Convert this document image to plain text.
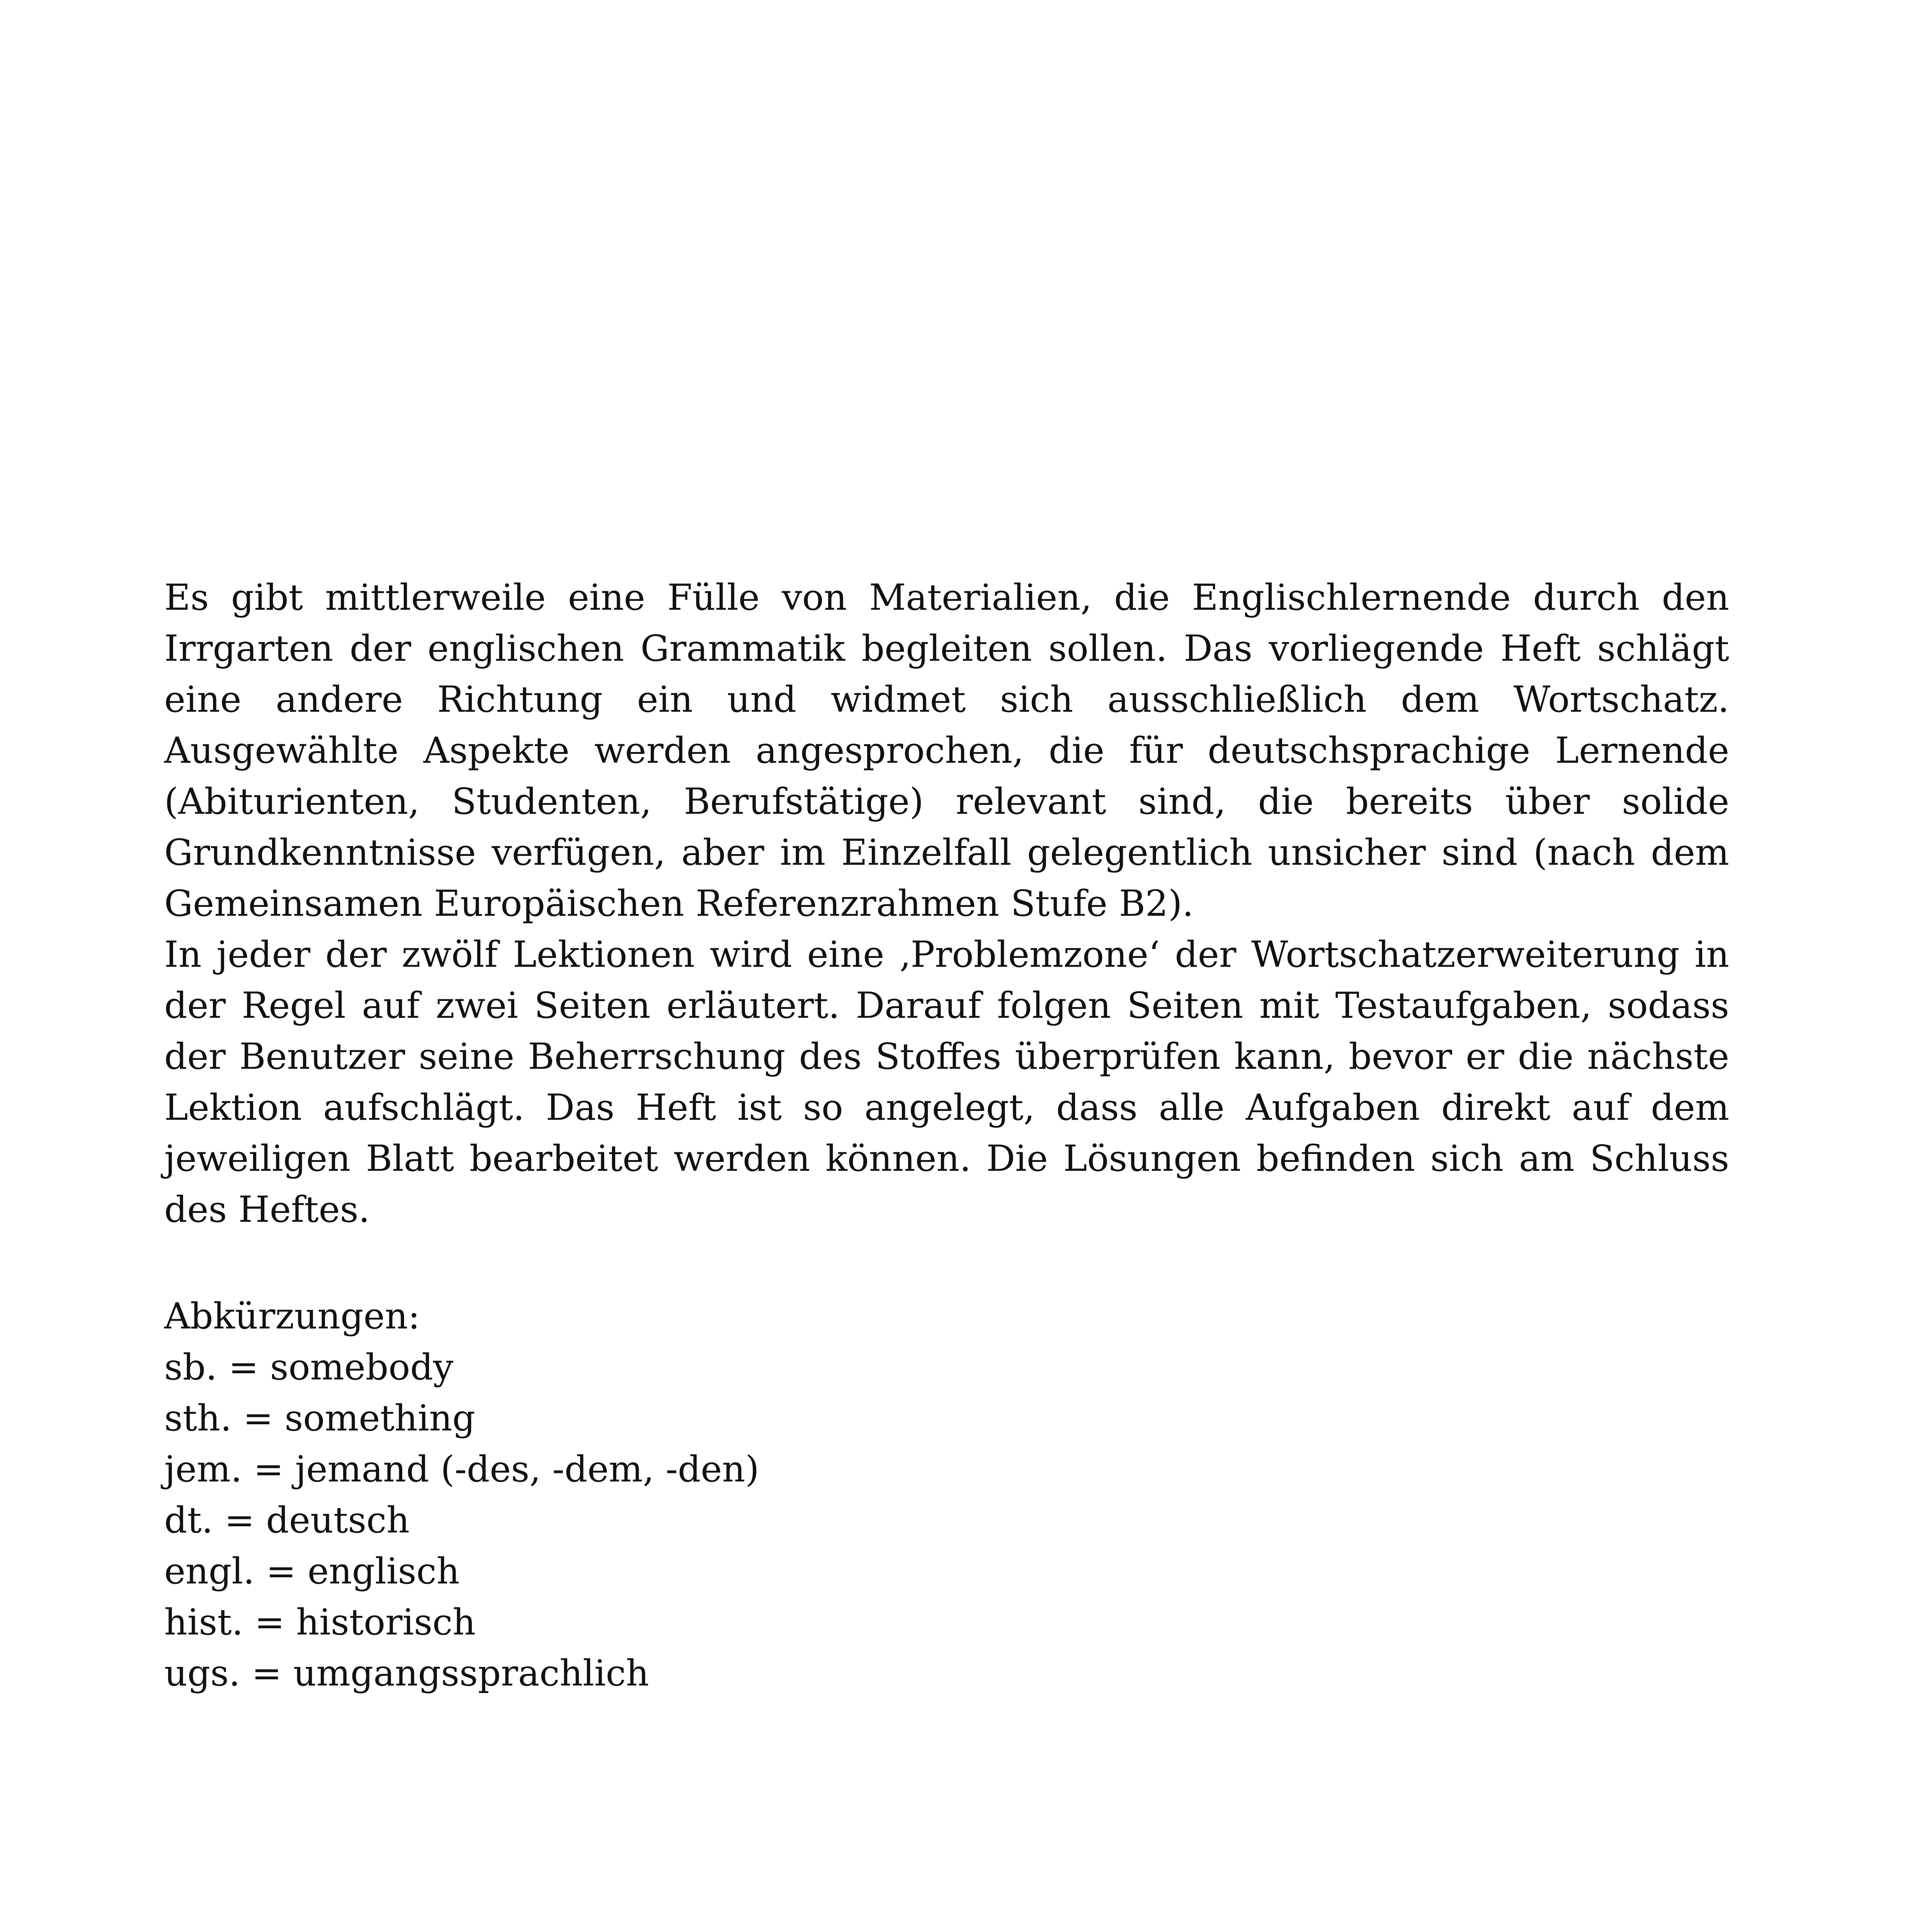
Es gibt mittlerweile eine Fülle von Materialien, die Englischlernende durch den Irrgarten der englischen Grammatik begleiten sollen. Das vorliegende Heft schlägt eine andere Richtung ein und widmet sich ausschließlich dem Wortschatz. Ausgewählte Aspekte werden angesprochen, die für deutschsprachige Lernende (Abiturienten, Studenten, Berufstätige) relevant sind, die bereits über solide Grundkenntnisse verfügen, aber im Einzelfall gelegentlich unsicher sind (nach dem Gemeinsamen Europäischen Referenzrahmen Stufe B2).

In jeder der zwölf Lektionen wird eine ‚Problemzone‘ der Wortschatzerweiterung in der Regel auf zwei Seiten erläutert. Darauf folgen Seiten mit Testaufgaben, sodass der Benutzer seine Beherrschung des Stoffes überprüfen kann, bevor er die nächste Lektion aufschlägt. Das Heft ist so angelegt, dass alle Aufgaben direkt auf dem jeweiligen Blatt bearbeitet werden können. Die Lösungen befinden sich am Schluss des Heftes.

Abkürzungen:
sb. = somebody
sth. = something
jem. = jemand (-des, -dem, -den)
dt. = deutsch
engl. = englisch
hist. = historisch
ugs. = umgangssprachlich
